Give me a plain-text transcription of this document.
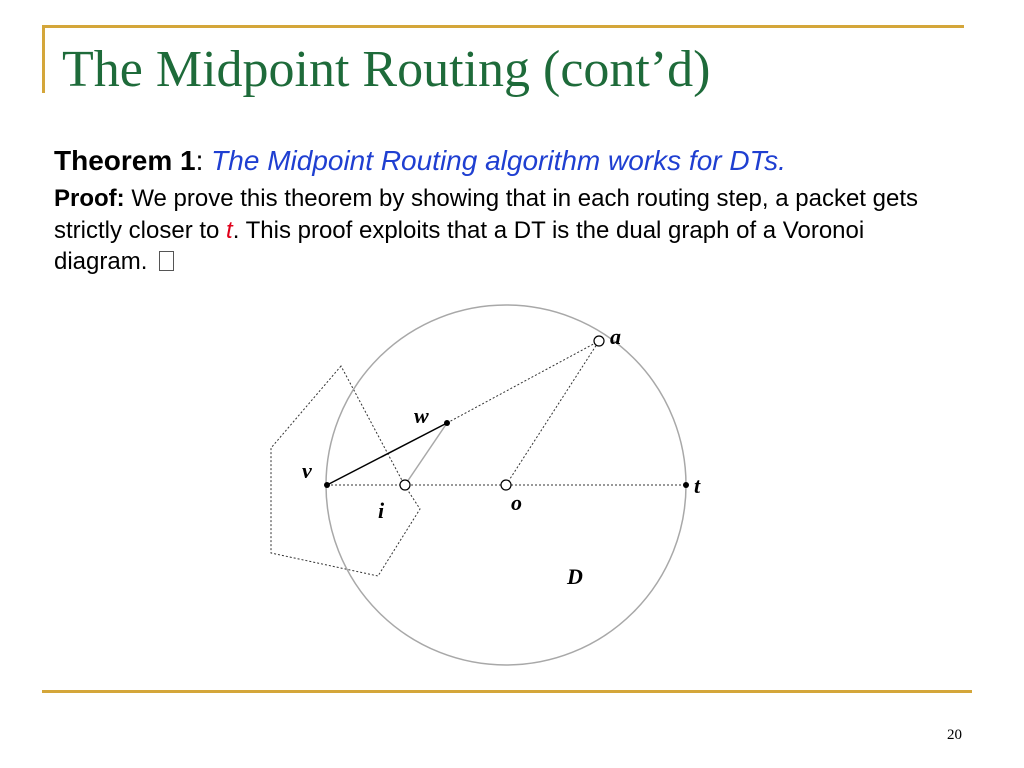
The Midpoint Routing (cont’d)
Theorem 1: The Midpoint Routing algorithm works for DTs.
Proof: We prove this theorem by showing that in each routing step, a packet gets strictly closer to t. This proof exploits that a DT is the dual graph of a Voronoi diagram.
a
w
v
t
o
i
D
20
